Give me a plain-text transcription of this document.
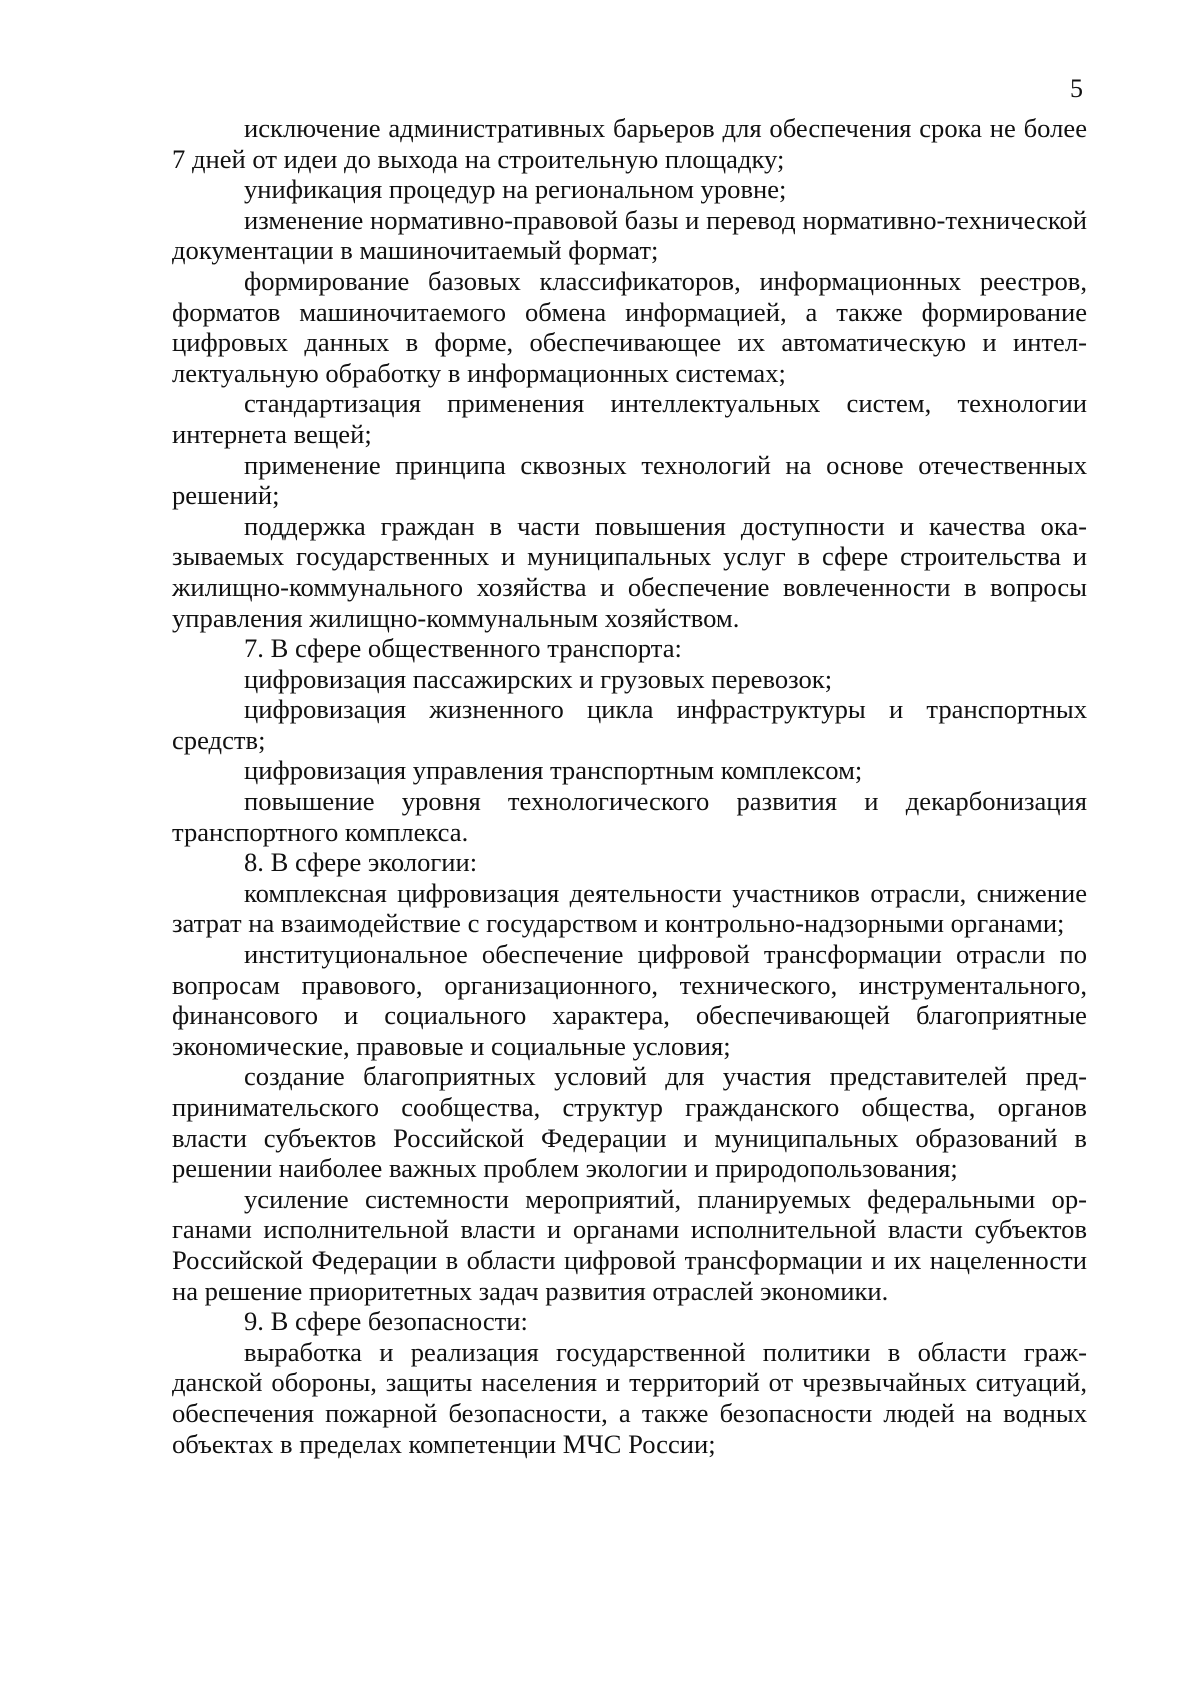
5

исключение административных барьеров для обеспечения срока не более 7 дней от идеи до выхода на строительную площадку;

унификация процедур на региональном уровне;

изменение нормативно-правовой базы и перевод нормативно-технической документации в машиночитаемый формат;

формирование базовых классификаторов, информационных реестров, форматов машиночитаемого обмена информацией, а также формирование цифровых данных в форме, обеспечивающее их автоматическую и интеллектуальную обработку в информационных системах;

стандартизация применения интеллектуальных систем, технологии интернета вещей;

применение принципа сквозных технологий на основе отечественных решений;

поддержка граждан в части повышения доступности и качества оказываемых государственных и муниципальных услуг в сфере строительства и жилищно-коммунального хозяйства и обеспечение вовлеченности в вопросы управления жилищно-коммунальным хозяйством.

7. В сфере общественного транспорта:

цифровизация пассажирских и грузовых перевозок;

цифровизация жизненного цикла инфраструктуры и транспортных средств;

цифровизация управления транспортным комплексом;

повышение уровня технологического развития и декарбонизация транспортного комплекса.

8. В сфере экологии:

комплексная цифровизация деятельности участников отрасли, снижение затрат на взаимодействие с государством и контрольно-надзорными органами;

институциональное обеспечение цифровой трансформации отрасли по вопросам правового, организационного, технического, инструментального, финансового и социального характера, обеспечивающей благоприятные экономические, правовые и социальные условия;

создание благоприятных условий для участия представителей предпринимательского сообщества, структур гражданского общества, органов власти субъектов Российской Федерации и муниципальных образований в решении наиболее важных проблем экологии и природопользования;

усиление системности мероприятий, планируемых федеральными органами исполнительной власти и органами исполнительной власти субъектов Российской Федерации в области цифровой трансформации и их нацеленности на решение приоритетных задач развития отраслей экономики.

9. В сфере безопасности:

выработка и реализация государственной политики в области гражданской обороны, защиты населения и территорий от чрезвычайных ситуаций, обеспечения пожарной безопасности, а также безопасности людей на водных объектах в пределах компетенции МЧС России;
